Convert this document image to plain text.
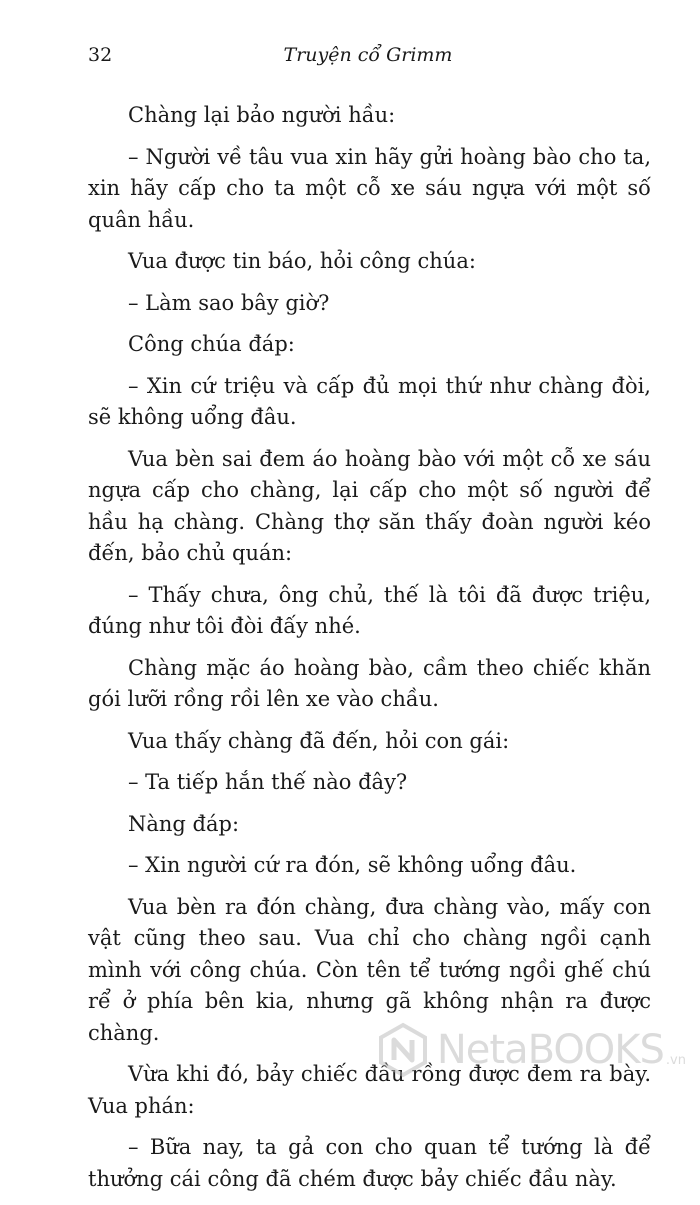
32	Truyện cổ Grimm

Chàng lại bảo người hầu:

– Người về tâu vua xin hãy gửi hoàng bào cho ta, xin hãy cấp cho ta một cỗ xe sáu ngựa với một số quân hầu.

Vua được tin báo, hỏi công chúa:

– Làm sao bây giờ?

Công chúa đáp:

– Xin cứ triệu và cấp đủ mọi thứ như chàng đòi, sẽ không uổng đâu.

Vua bèn sai đem áo hoàng bào với một cỗ xe sáu ngựa cấp cho chàng, lại cấp cho một số người để hầu hạ chàng. Chàng thợ săn thấy đoàn người kéo đến, bảo chủ quán:

– Thấy chưa, ông chủ, thế là tôi đã được triệu, đúng như tôi đòi đấy nhé.

Chàng mặc áo hoàng bào, cầm theo chiếc khăn gói lưỡi rồng rồi lên xe vào chầu.

Vua thấy chàng đã đến, hỏi con gái:

– Ta tiếp hắn thế nào đây?

Nàng đáp:

– Xin người cứ ra đón, sẽ không uổng đâu.

Vua bèn ra đón chàng, đưa chàng vào, mấy con vật cũng theo sau. Vua chỉ cho chàng ngồi cạnh mình với công chúa. Còn tên tể tướng ngồi ghế chú rể ở phía bên kia, nhưng gã không nhận ra được chàng.

Vừa khi đó, bảy chiếc đầu rồng được đem ra bày. Vua phán:

– Bữa nay, ta gả con cho quan tể tướng là để thưởng cái công đã chém được bảy chiếc đầu này.

NetaBOOKS .vn
